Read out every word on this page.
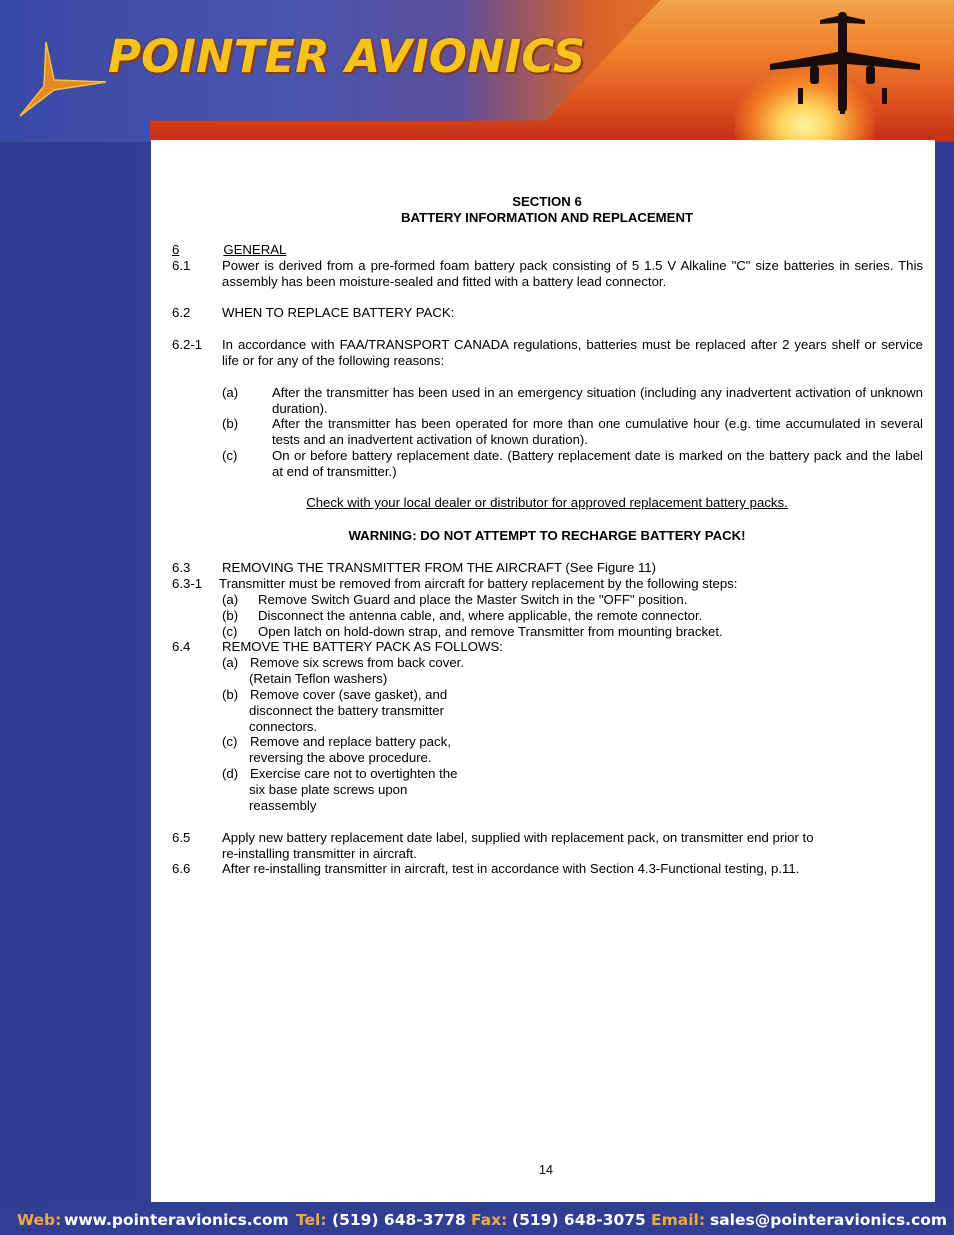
POINTER AVIONICS
SECTION 6
BATTERY INFORMATION AND REPLACEMENT
6	GENERAL
6.1 Power is derived from a pre-formed foam battery pack consisting of 5 1.5 V Alkaline "C" size batteries in series. This assembly has been moisture-sealed and fitted with a battery lead connector.
6.2 WHEN TO REPLACE BATTERY PACK:
6.2-1 In accordance with FAA/TRANSPORT CANADA regulations, batteries must be replaced after 2 years shelf or service life or for any of the following reasons:
(a)	After the transmitter has been used in an emergency situation (including any inadvertent activation of unknown duration).
(b)	After the transmitter has been operated for more than one cumulative hour (e.g. time accumulated in several tests and an inadvertent activation of known duration).
(c)	On or before battery replacement date. (Battery replacement date is marked on the battery pack and the label at end of transmitter.)
Check with your local dealer or distributor for approved replacement battery packs.
WARNING: DO NOT ATTEMPT TO RECHARGE BATTERY PACK!
6.3 REMOVING THE TRANSMITTER FROM THE AIRCRAFT (See Figure 11)
6.3-1 Transmitter must be removed from aircraft for battery replacement by the following steps:
(a) Remove Switch Guard and place the Master Switch in the "OFF" position.
(b) Disconnect the antenna cable, and, where applicable, the remote connector.
(c) Open latch on hold-down strap, and remove Transmitter from mounting bracket.
6.4 REMOVE THE BATTERY PACK AS FOLLOWS:
(a) Remove six screws from back cover.
(Retain Teflon washers)
(b) Remove cover (save gasket), and
disconnect the battery transmitter
connectors.
(c) Remove and replace battery pack,
reversing the above procedure.
(d) Exercise care not to overtighten the
six base plate screws upon
reassembly
6.5 Apply new battery replacement date label, supplied with replacement pack, on transmitter end prior to
re-installing transmitter in aircraft.
6.6 After re-installing transmitter in aircraft, test in accordance with Section 4.3-Functional testing, p.11.
14
Web: www.pointeravionics.com Tel: (519) 648-3778 Fax: (519) 648-3075 Email: sales@pointeravionics.com
